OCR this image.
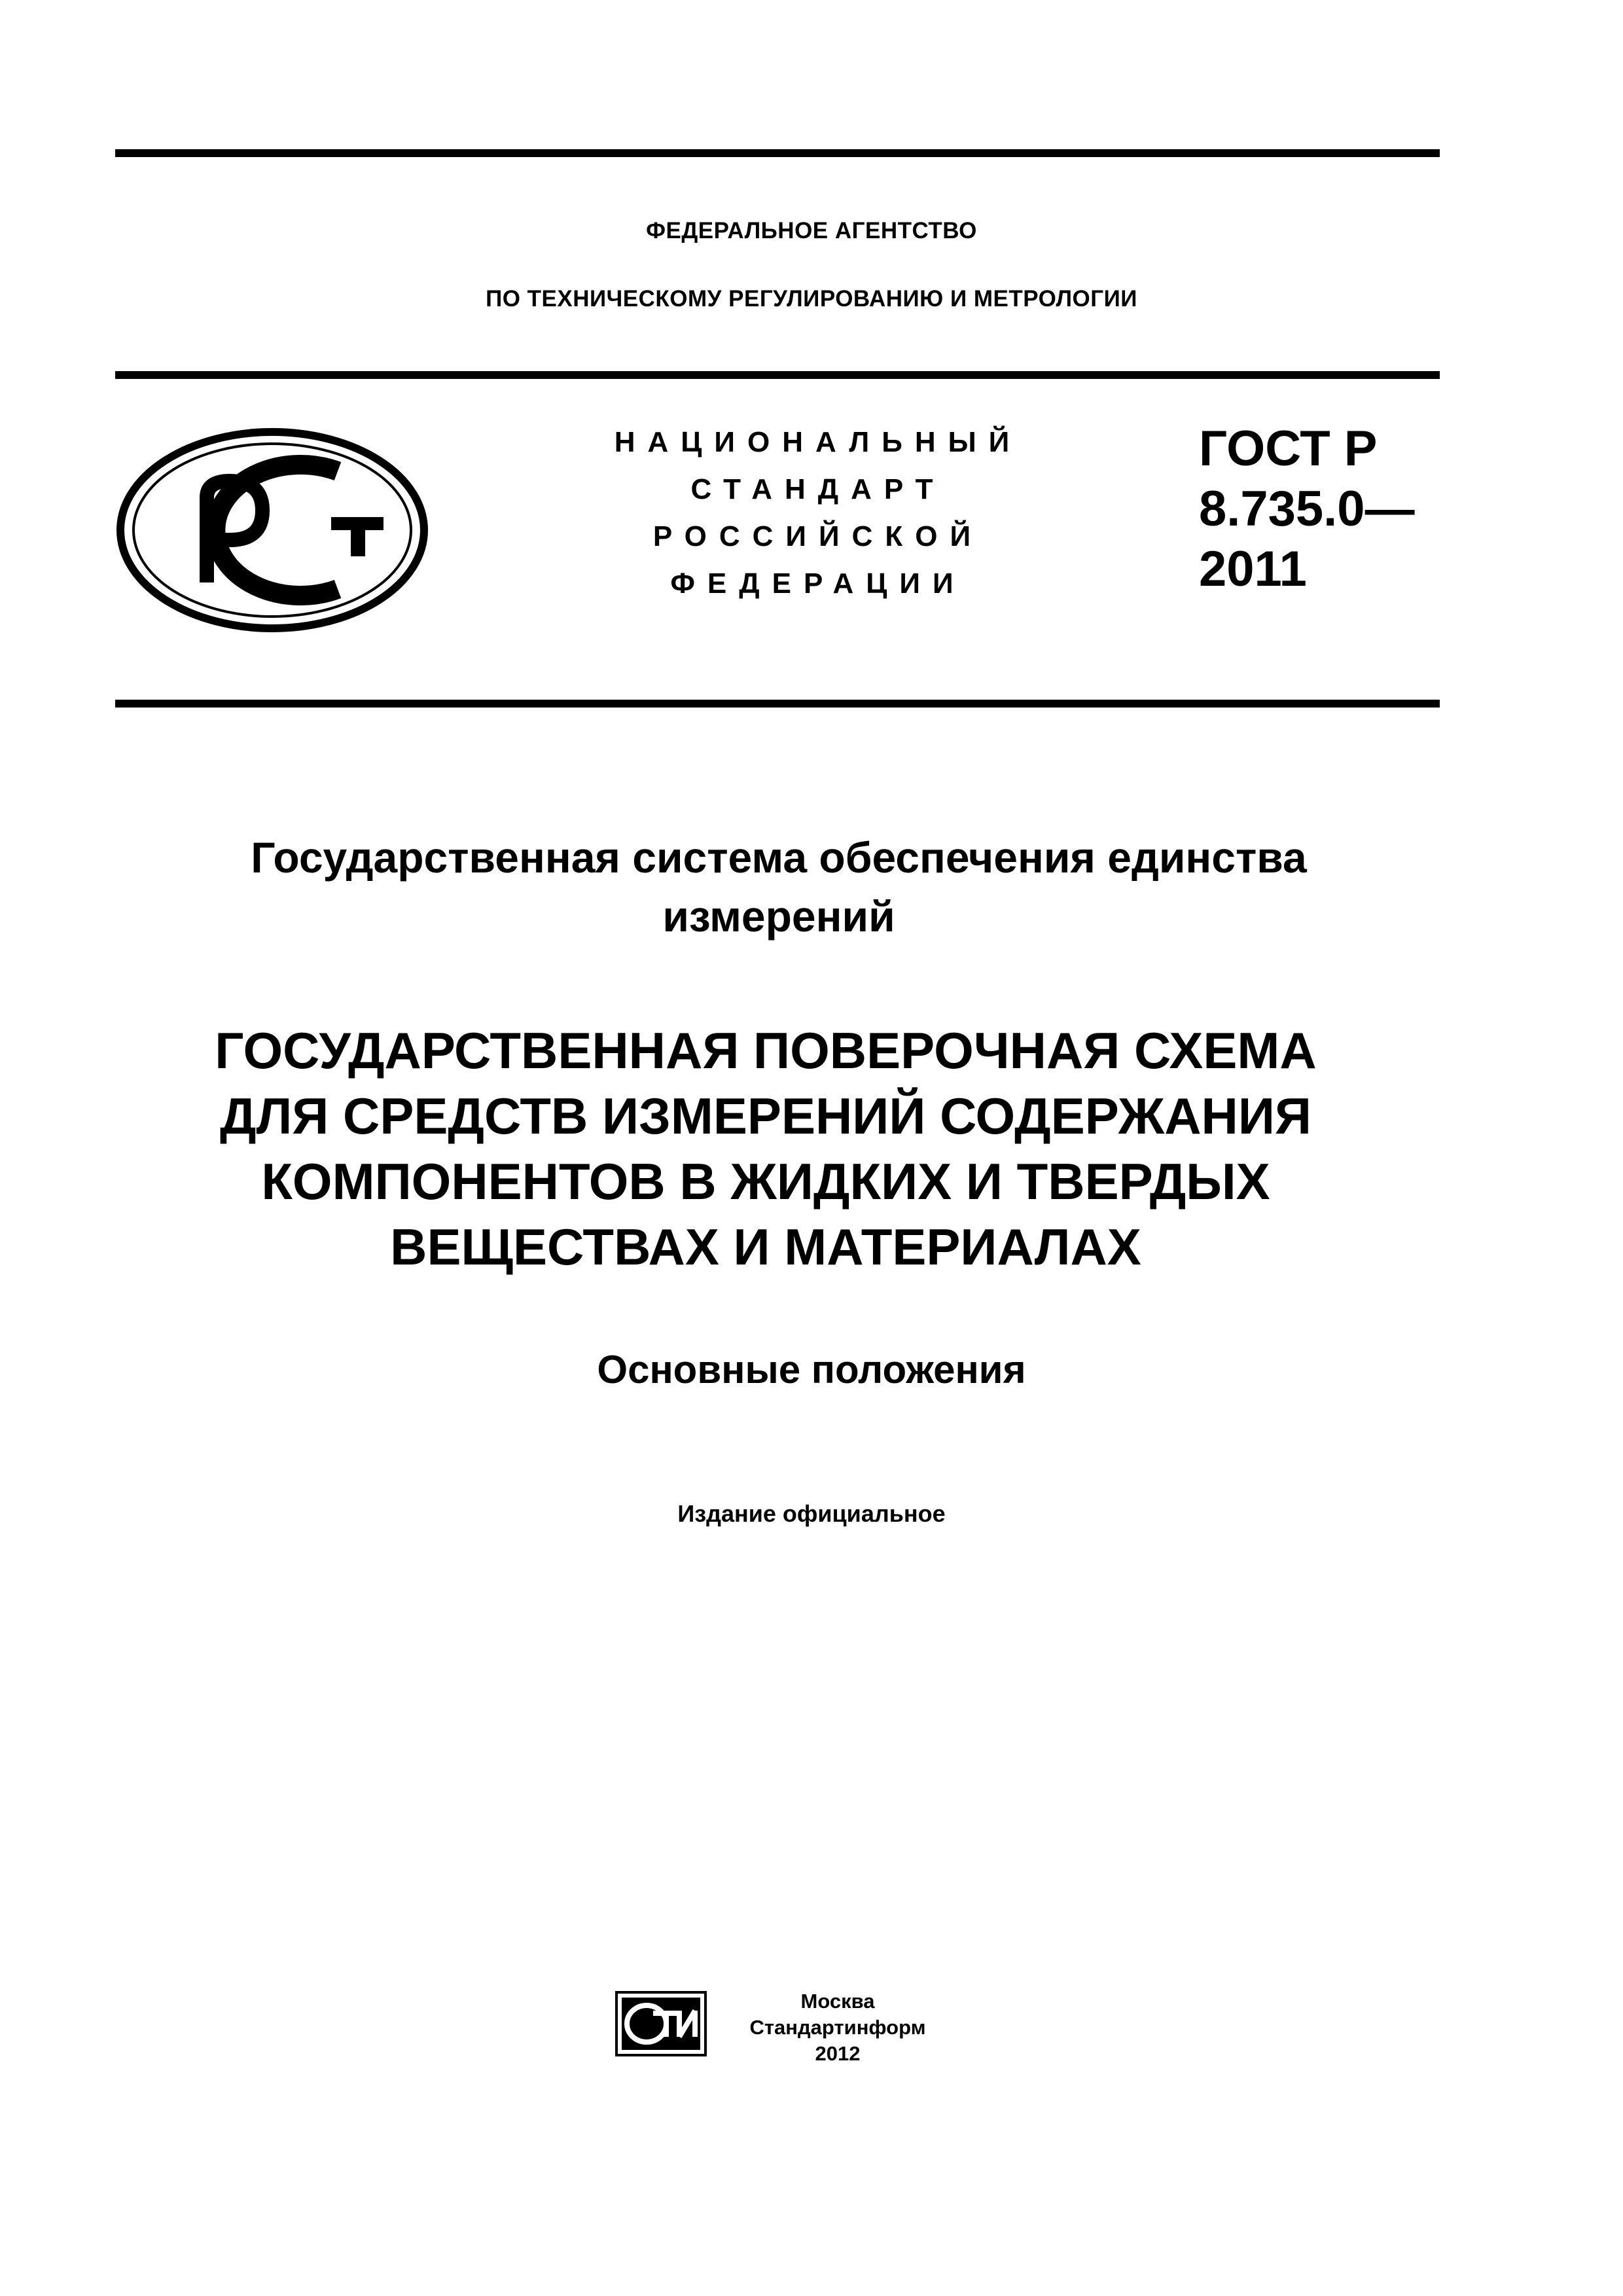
ФЕДЕРАЛЬНОЕ АГЕНТСТВО
ПО ТЕХНИЧЕСКОМУ РЕГУЛИРОВАНИЮ И МЕТРОЛОГИИ
НАЦИОНАЛЬНЫЙ
СТАНДАРТ
РОССИЙСКОЙ
ФЕДЕРАЦИИ
ГОСТ Р
8.735.0—
2011
Государственная система обеспечения единства измерений
ГОСУДАРСТВЕННАЯ ПОВЕРОЧНАЯ СХЕМА
ДЛЯ СРЕДСТВ ИЗМЕРЕНИЙ СОДЕРЖАНИЯ
КОМПОНЕНТОВ В ЖИДКИХ И ТВЕРДЫХ
ВЕЩЕСТВАХ И МАТЕРИАЛАХ
Основные положения
Издание официальное
Москва
Стандартинформ
2012
